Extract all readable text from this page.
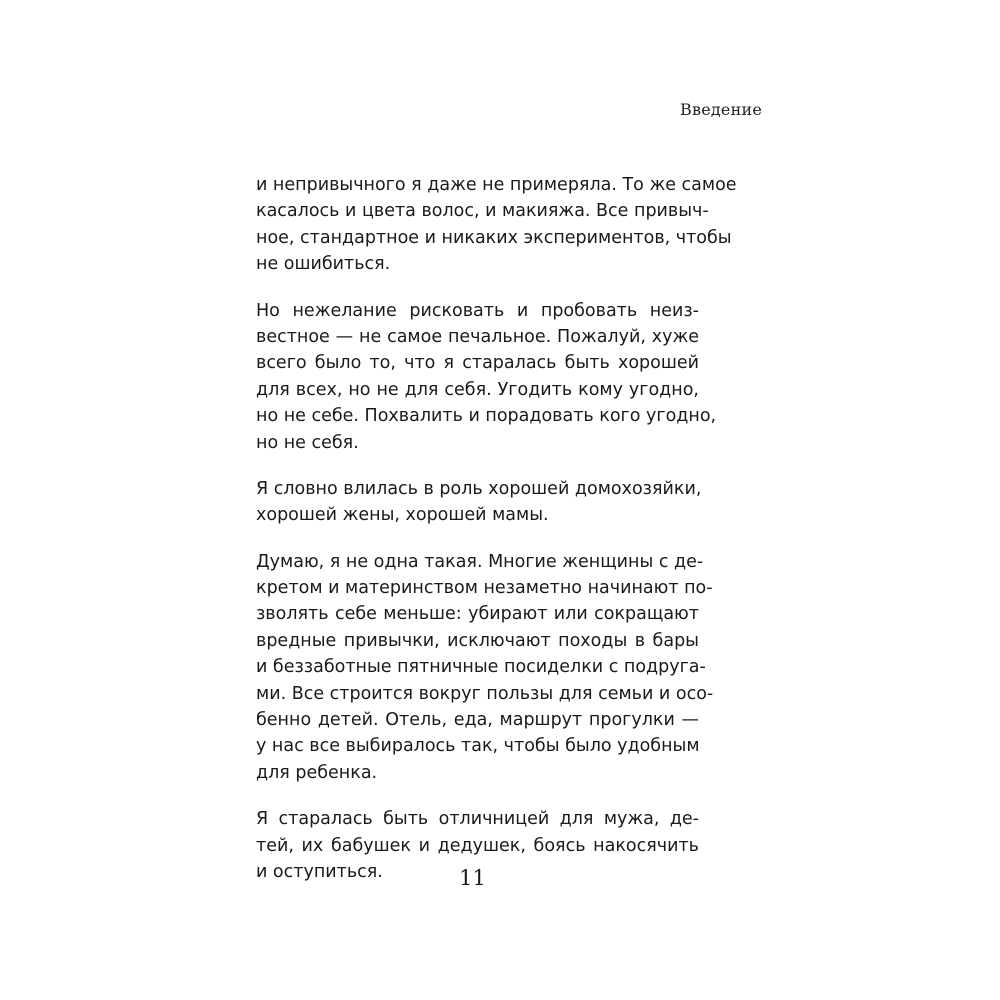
Введение

и непривычного я даже не примеряла. То же самое
касалось и цвета волос, и макияжа. Все привыч-
ное, стандартное и никаких экспериментов, чтобы
не ошибиться.

Но нежелание рисковать и пробовать неиз-
вестное — не самое печальное. Пожалуй, хуже
всего было то, что я старалась быть хорошей
для всех, но не для себя. Угодить кому угодно,
но не себе. Похвалить и порадовать кого угодно,
но не себя.

Я словно влилась в роль хорошей домохозяйки,
хорошей жены, хорошей мамы.

Думаю, я не одна такая. Многие женщины с де-
кретом и материнством незаметно начинают по-
зволять себе меньше: убирают или сокращают
вредные привычки, исключают походы в бары
и беззаботные пятничные посиделки с подруга-
ми. Все строится вокруг пользы для семьи и осо-
бенно детей. Отель, еда, маршрут прогулки —
у нас все выбиралось так, чтобы было удобным
для ребенка.

Я старалась быть отличницей для мужа, де-
тей, их бабушек и дедушек, боясь накосячить
и оступиться.	11
